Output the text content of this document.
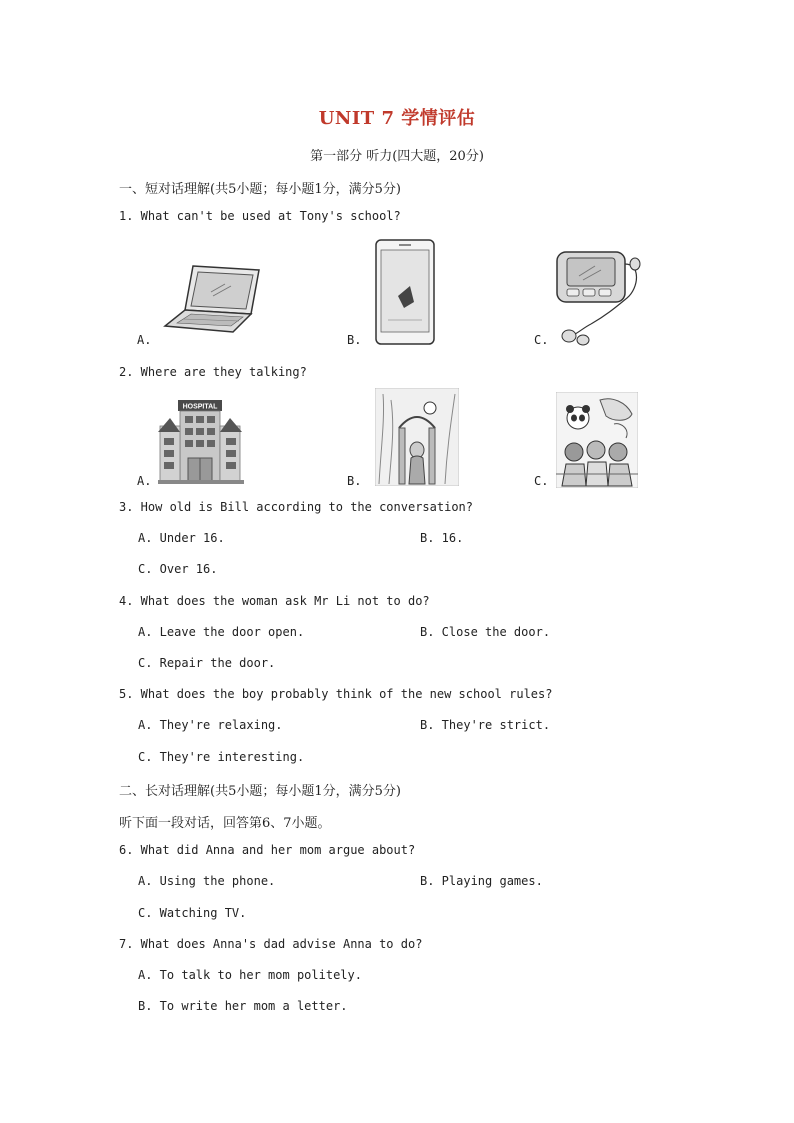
UNIT 7 学情评估
第一部分 听力(四大题，20分)
一、短对话理解(共5小题；每小题1分，满分5分)
1. What can't be used at Tony's school?
A.	B.	C.
2. Where are they talking?
HOSPITAL
A.	B.	C.
3. How old is Bill according to the conversation?
A. Under 16.	B. 16.
C. Over 16.
4. What does the woman ask Mr Li not to do?
A. Leave the door open.	B. Close the door.
C. Repair the door.
5. What does the boy probably think of the new school rules?
A. They're relaxing.	B. They're strict.
C. They're interesting.
二、长对话理解(共5小题；每小题1分，满分5分)
听下面一段对话，回答第6、7小题。
6. What did Anna and her mom argue about?
A. Using the phone.	B. Playing games.
C. Watching TV.
7. What does Anna's dad advise Anna to do?
A. To talk to her mom politely.
B. To write her mom a letter.
